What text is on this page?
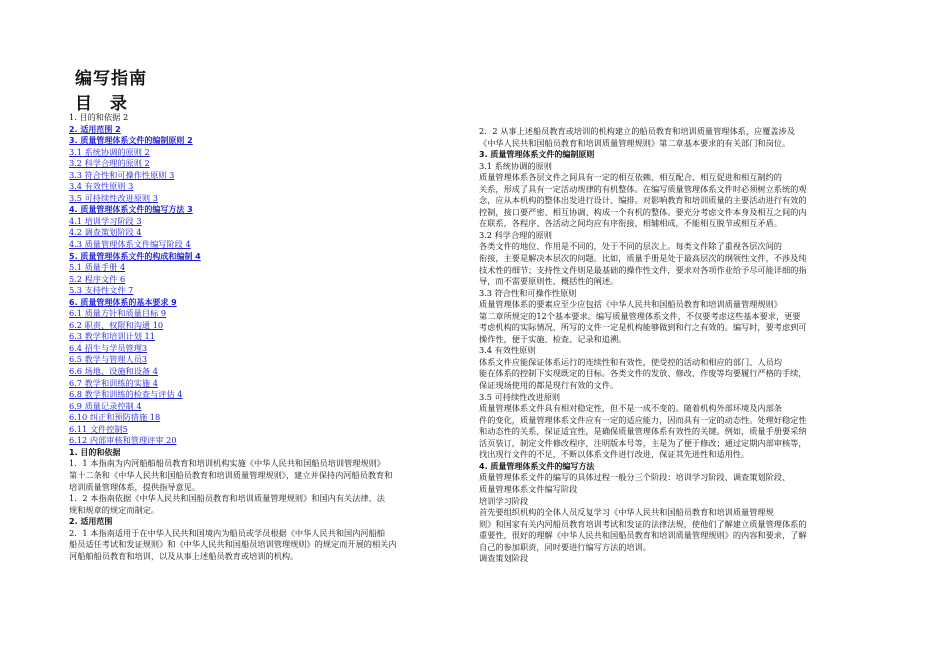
编写指南
目 录
1. 目的和依据 2
2. 适用范围 2
3. 质量管理体系文件的编制原则 2
3.1 系统协调的原则 2
3.2 科学合理的原则 2
3.3 符合性和可操作性原则 3
3.4 有效性原则 3
3.5 可持续性改进原则 3
4. 质量管理体系文件的编写方法 3
4.1 培训学习阶段 3
4.2 调查策划阶段 4
4.3 质量管理体系文件编写阶段 4
5. 质量管理体系文件的构成和编制 4
5.1 质量手册 4
5.2 程序文件 6
5.3 支持性文件 7
6. 质量管理体系的基本要求 9
6.1 质量方针和质量目标 9
6.2 职责、权限和沟通 10
6.3 教学和培训计划 11
6.4 招生与学员管理3
6.5 教学与管理人员3
6.6 场地、设施和设备 4
6.7 教学和训练的实施 4
6.8 教学和训练的检查与评估 4
6.9 质量记录控制 4
6.10 纠正和预防措施 18
6.11 文件控制5
6.12 内部审核和管理评审 20
1. 目的和依据
1．1 本指南为内河船舶船员教育和培训机构实施《中华人民共和国船员培训管理规则》
第十二条和《中华人民共和国船员教育和培训质量管理规则》，建立并保持内河船员教育和
培训质量管理体系，提供指导意见。
1．2 本指南依据《中华人民共和国船员教育和培训质量管理规则》和国内有关法律、法
规和规章的规定而制定。
2. 适用范围
2．1 本指南适用于在中华人民共和国境内为船员或学员根据《中华人民共和国内河船舶
船员适任考试和发证规则》和《中华人民共和国船员培训管理规则》的规定而开展的相关内
河船舶船员教育和培训，以及从事上述船员教育或培训的机构。
2．2 从事上述船员教育或培训的机构建立的船员教育和培训质量管理体系，应覆盖涉及
《中华人民共和国船员教育和培训质量管理规则》第二章基本要求的有关部门和岗位。
3. 质量管理体系文件的编制原则
3.1 系统协调的原则
质量管理体系各层文件之间具有一定的相互依赖、相互配合、相互促进和相互制约的
关系，形成了具有一定活动规律的有机整体。在编写质量管理体系文件时必须树立系统的观
念，应从本机构的整体出发进行设计、编排。对影响教育和培训质量的主要活动进行有效的
控制，接口要严密、相互协调、构成一个有机的整体。要充分考虑文件本身及相互之间的内
在联系，各程序、各活动之间均应有序衔接，相辅相成，不能相互脱节或相互矛盾。
3.2 科学合理的原则
各类文件的地位、作用是不同的，处于不同的层次上。每类文件除了重视各层次间的
衔接，主要是解决本层次的问题。比如，质量手册是处于最高层次的纲领性文件，不涉及纯
技术性的细节；支持性文件则是最基础的操作性文件，要求对各项作业给予尽可能详细的指
导，而不需要原则性、概括性的阐述。
3.3 符合性和可操作性原则
质量管理体系的要素应至少应包括《中华人民共和国船员教育和培训质量管理规则》
第二章所规定的12个基本要求。编写质量管理体系文件，不仅要考虑这些基本要求，更要
考虑机构的实际情况，所写的文件一定是机构能够做到和行之有效的。编写时，要考虑到可
操作性，便于实施、检查、记录和追溯。
3.4 有效性原则
体系文件应能保证体系运行的连续性和有效性，使受控的活动和相应的部门、人员均
能在体系的控制下实现既定的目标。各类文件的发放、修改、作废等均要履行严格的手续，
保证现场使用的都是现行有效的文件。
3.5 可持续性改进原则
质量管理体系文件具有相对稳定性，但不是一成不变的。随着机构外部环境及内部条
件的变化，质量管理体系文件应有一定的适应能力，因而具有一定的动态性。处理好稳定性
和动态性的关系，保证适宜性，是确保质量管理体系有效性的关键。例如，质量手册要采纳
活页装订，制定文件修改程序，注明版本号等，主是为了便于修改；通过定期内部审核等，
找出现行文件的不足，不断以体系文件进行改进，保证其先进性和适用性。
4. 质量管理体系文件的编写方法
质量管理体系文件的编写的具体过程一般分三个阶段：培训学习阶段、调查策划阶段、
质量管理体系文件编写阶段
培训学习阶段
首先要组织机构的全体人员反复学习《中华人民共和国船员教育和培训质量管理规
则》和国家有关内河船员教育培训考试和发证的法律法规，使他们了解建立质量管理体系的
重要性，很好的理解《中华人民共和国船员教育和培训质量管理规则》的内容和要求，了解
自己的参加职责，同时要进行编写方法的培训。
调查策划阶段
